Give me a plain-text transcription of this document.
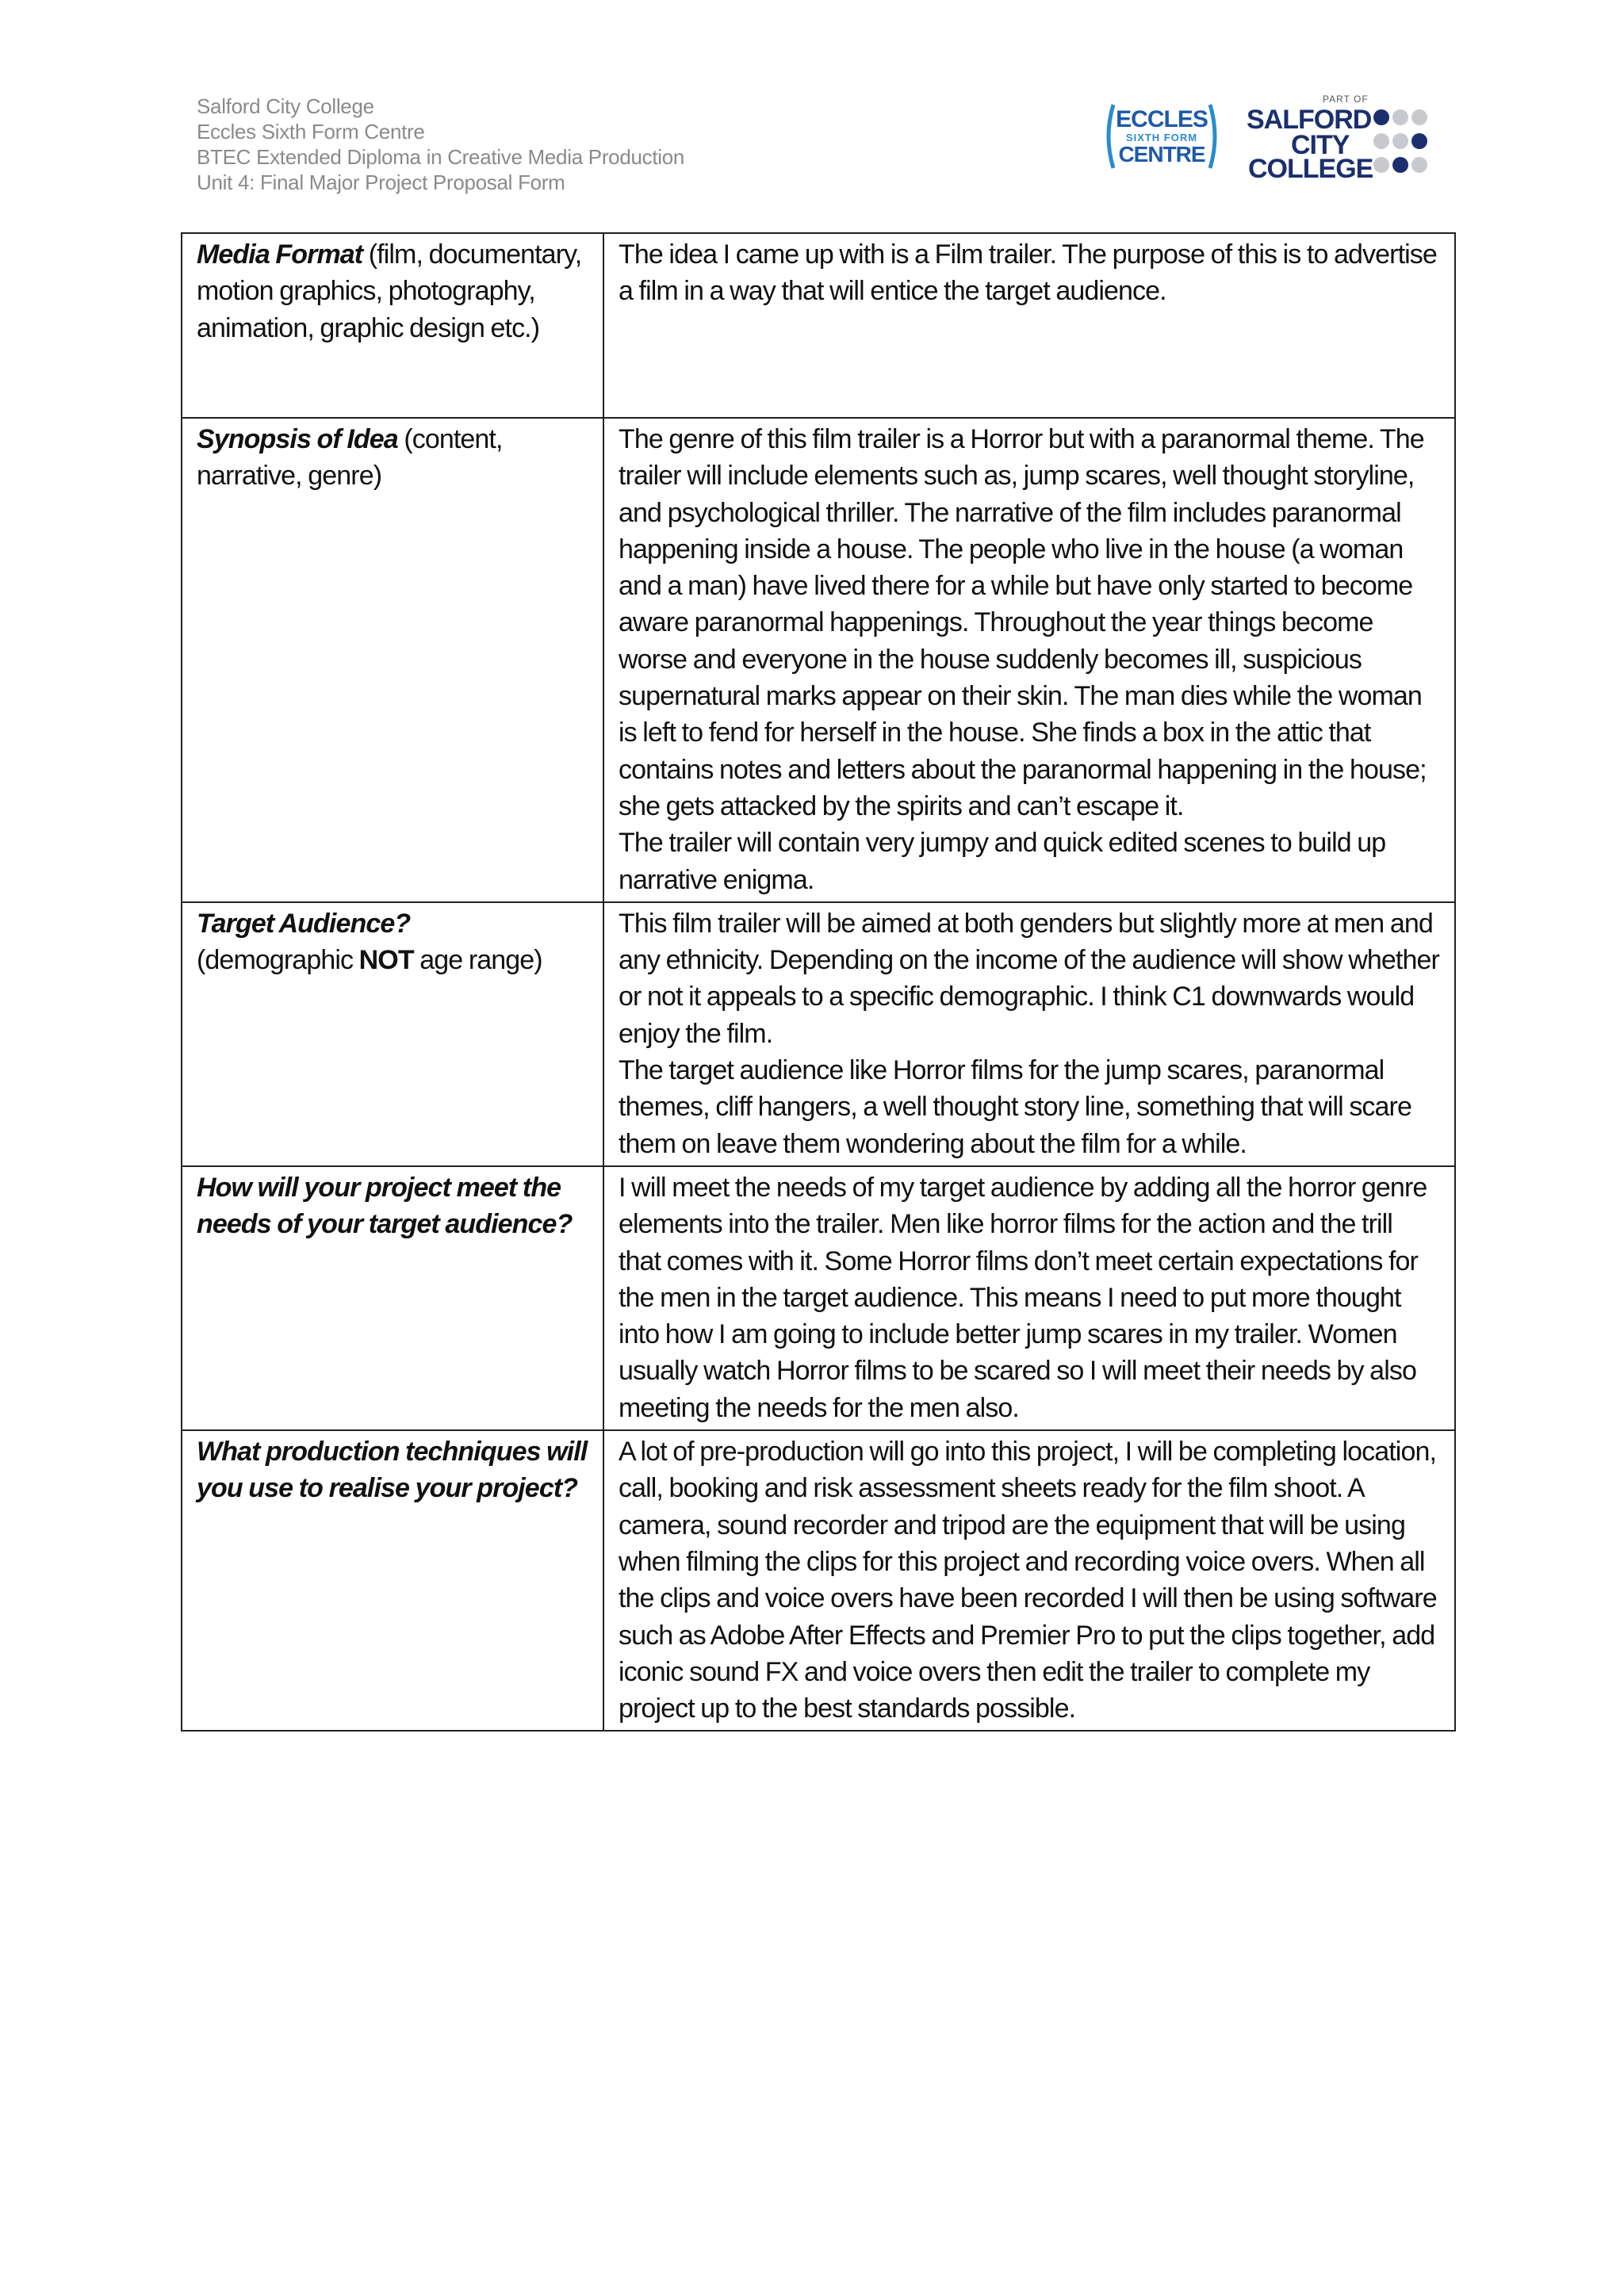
Salford City College
Eccles Sixth Form Centre
BTEC Extended Diploma in Creative Media Production
Unit 4: Final Major Project Proposal Form
ECCLES
SIXTH FORM
CENTRE
PART OF
SALFORD
CITY
COLLEGE
Media Format (film, documentary, motion graphics, photography, animation, graphic design etc.)	The idea I came up with is a Film trailer. The purpose of this is to advertise a film in a way that will entice the target audience.

Synopsis of Idea (content, narrative, genre)	The genre of this film trailer is a Horror but with a paranormal theme. The trailer will include elements such as, jump scares, well thought storyline, and psychological thriller. The narrative of the film includes paranormal happening inside a house. The people who live in the house (a woman and a man) have lived there for a while but have only started to become aware paranormal happenings. Throughout the year things become worse and everyone in the house suddenly becomes ill, suspicious supernatural marks appear on their skin. The man dies while the woman is left to fend for herself in the house. She finds a box in the attic that contains notes and letters about the paranormal happening in the house; she gets attacked by the spirits and can’t escape it.
The trailer will contain very jumpy and quick edited scenes to build up narrative enigma.

Target Audience?
(demographic NOT age range)	This film trailer will be aimed at both genders but slightly more at men and any ethnicity. Depending on the income of the audience will show whether or not it appeals to a specific demographic. I think C1 downwards would enjoy the film.
The target audience like Horror films for the jump scares, paranormal themes, cliff hangers, a well thought story line, something that will scare them on leave them wondering about the film for a while.

How will your project meet the needs of your target audience?	I will meet the needs of my target audience by adding all the horror genre elements into the trailer. Men like horror films for the action and the trill that comes with it. Some Horror films don’t meet certain expectations for the men in the target audience. This means I need to put more thought into how I am going to include better jump scares in my trailer. Women usually watch Horror films to be scared so I will meet their needs by also meeting the needs for the men also.

What production techniques will you use to realise your project?	A lot of pre-production will go into this project, I will be completing location, call, booking and risk assessment sheets ready for the film shoot. A camera, sound recorder and tripod are the equipment that will be using when filming the clips for this project and recording voice overs. When all the clips and voice overs have been recorded I will then be using software such as Adobe After Effects and Premier Pro to put the clips together, add iconic sound FX and voice overs then edit the trailer to complete my project up to the best standards possible.
